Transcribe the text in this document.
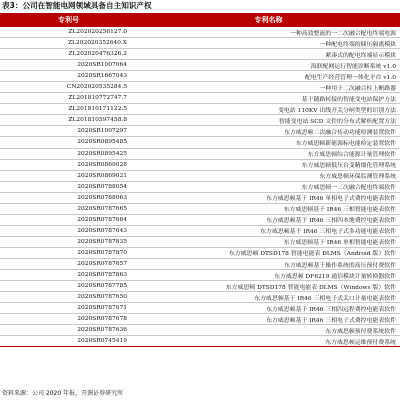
表3：公司在智能电网领域具备自主知识产权
专利号	专利名称
ZL202020256127.0	一种高效整流的一二次融合配电终端电源
ZL202020352640.X	一种配电终端的储压隔离模块
ZL202020476326.2	紧凑式的配电终端显示模块
2020SR1007064	海联配网运行智能诊断系统 v1.0
2020SR1667043	配电生产经营管理一体化平台 v1.0
CN202020535284.5	一种用于二次融合柱上断路器
ZL201810772747.7	基于随路转接的智能变电站保护方法
ZL201810171122.5	变电站 110KV 出线开关分闸类型的识别方法
ZL201810597458.8	智能变电站 SCD 文件的分布式解析配置方法
2020SR1007297	东方威思顿二次融合传动功能检测装置软件
2020SR0895485	东方威思顿新能源标电能检定装置软件
2020SR0895425	东方威思顿综合能源计量管理软件
2020SR0869028	东方威思顿低压台变精细化管理系统
2020SR0869021	东方威思顿环保监测管理系统
2020SR0788054	东方威思顿一二次融合配电终端软件
2020SR0788063	东方威思顿基于 IR46 单相电子式费控电能表软件
2020SR0787665	东方威思顿基于 IR46 三相智能电能表软件
2020SR0787684	东方威思顿基于 IR46 三相四本地费控电能表软件
2020SR0787643	东方威思顿基于 IR46 三相电子式多功能电能表软件
2020SR0787835	东方威思顿基于 IR46 单相智能电能表软件
2020SR0787870	东方威思顿 DTSD178 智能电能表 DLMS（Android 版）软件
2020SR0787657	东方威思顿基于操作系统的高压预付费软件
2020SR0787863	东方威思顿 DF6219 通信模块计量转换器软件
2020SR0787785	东方威思顿 DTSD178 智能电能表 DLMS（Windows 版）软件
2020SR0787650	东方威思顿基于 IR46 三相电子式关口计量电能表软件
2020SR0787671	东方威思顿基于 IR46 三相四远程费控电能表软件
2020SR0787678	东方威思顿基于 IR46 三相电子式费控电能表软件
2020SR0787636	东方威思顿预付费系统软件
2020SR0745419	东方威思顿运维预付费系统
资料来源：公司 2020 年报，开源证券研究所
